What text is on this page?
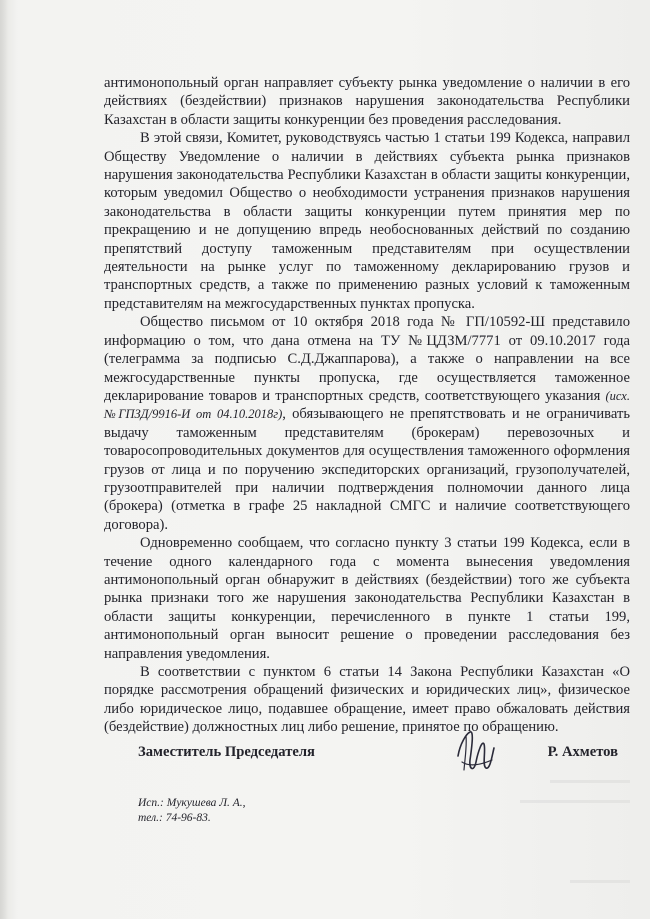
антимонопольный орган направляет субъекту рынка уведомление о наличии в его действиях (бездействии) признаков нарушения законодательства Республики Казахстан в области защиты конкуренции без проведения расследования.

В этой связи, Комитет, руководствуясь частью 1 статьи 199 Кодекса, направил Обществу Уведомление о наличии в действиях субъекта рынка признаков нарушения законодательства Республики Казахстан в области защиты конкуренции, которым уведомил Общество о необходимости устранения признаков нарушения законодательства в области защиты конкуренции путем принятия мер по прекращению и не допущению впредь необоснованных действий по созданию препятствий доступу таможенным представителям при осуществлении деятельности на рынке услуг по таможенному декларированию грузов и транспортных средств, а также по применению разных условий к таможенным представителям на межгосударственных пунктах пропуска.

Общество письмом от 10 октября 2018 года № ГП/10592-Ш представило информацию о том, что дана отмена на ТУ №ЦДЗМ/7771 от 09.10.2017 года (телеграмма за подписью С.Д.Джаппарова), а также о направлении на все межгосударственные пункты пропуска, где осуществляется таможенное декларирование товаров и транспортных средств, соответствующего указания (исх.№ГПЗД/9916-И от 04.10.2018г), обязывающего не препятствовать и не ограничивать выдачу таможенным представителям (брокерам) перевозочных и товаросопроводительных документов для осуществления таможенного оформления грузов от лица и по поручению экспедиторских организаций, грузополучателей, грузоотправителей при наличии подтверждения полномочии данного лица (брокера) (отметка в графе 25 накладной СМГС и наличие соответствующего договора).

Одновременно сообщаем, что согласно пункту 3 статьи 199 Кодекса, если в течение одного календарного года с момента вынесения уведомления антимонопольный орган обнаружит в действиях (бездействии) того же субъекта рынка признаки того же нарушения законодательства Республики Казахстан в области защиты конкуренции, перечисленного в пункте 1 статьи 199, антимонопольный орган выносит решение о проведении расследования без направления уведомления.

В соответствии с пунктом 6 статьи 14 Закона Республики Казахстан «О порядке рассмотрения обращений физических и юридических лиц», физическое либо юридическое лицо, подавшее обращение, имеет право обжаловать действия (бездействие) должностных лиц либо решение, принятое по обращению.

Заместитель Председателя	Р. Ахметов
Исп.: Мукушева Л. А.,
тел.: 74-96-83.
